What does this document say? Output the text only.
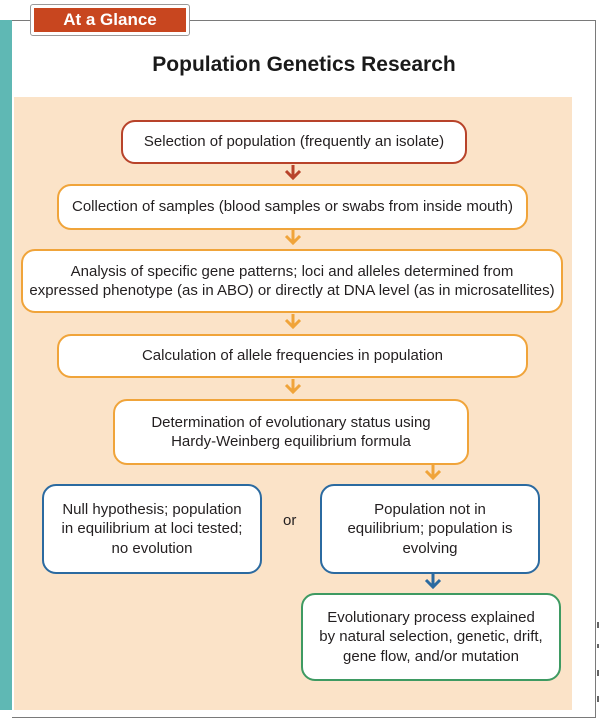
At a Glance
Population Genetics Research
Selection of population (frequently an isolate)
Collection of samples (blood samples or swabs from inside mouth)
Analysis of specific gene patterns; loci and alleles determined from
expressed phenotype (as in ABO) or directly at DNA level (as in microsatellites)
Calculation of allele frequencies in population
Determination of evolutionary status using
Hardy-Weinberg equilibrium formula
Null hypothesis; population
in equilibrium at loci tested;
no evolution
or
Population not in
equilibrium; population is
evolving
Evolutionary process explained
by natural selection, genetic, drift,
gene flow, and/or mutation
